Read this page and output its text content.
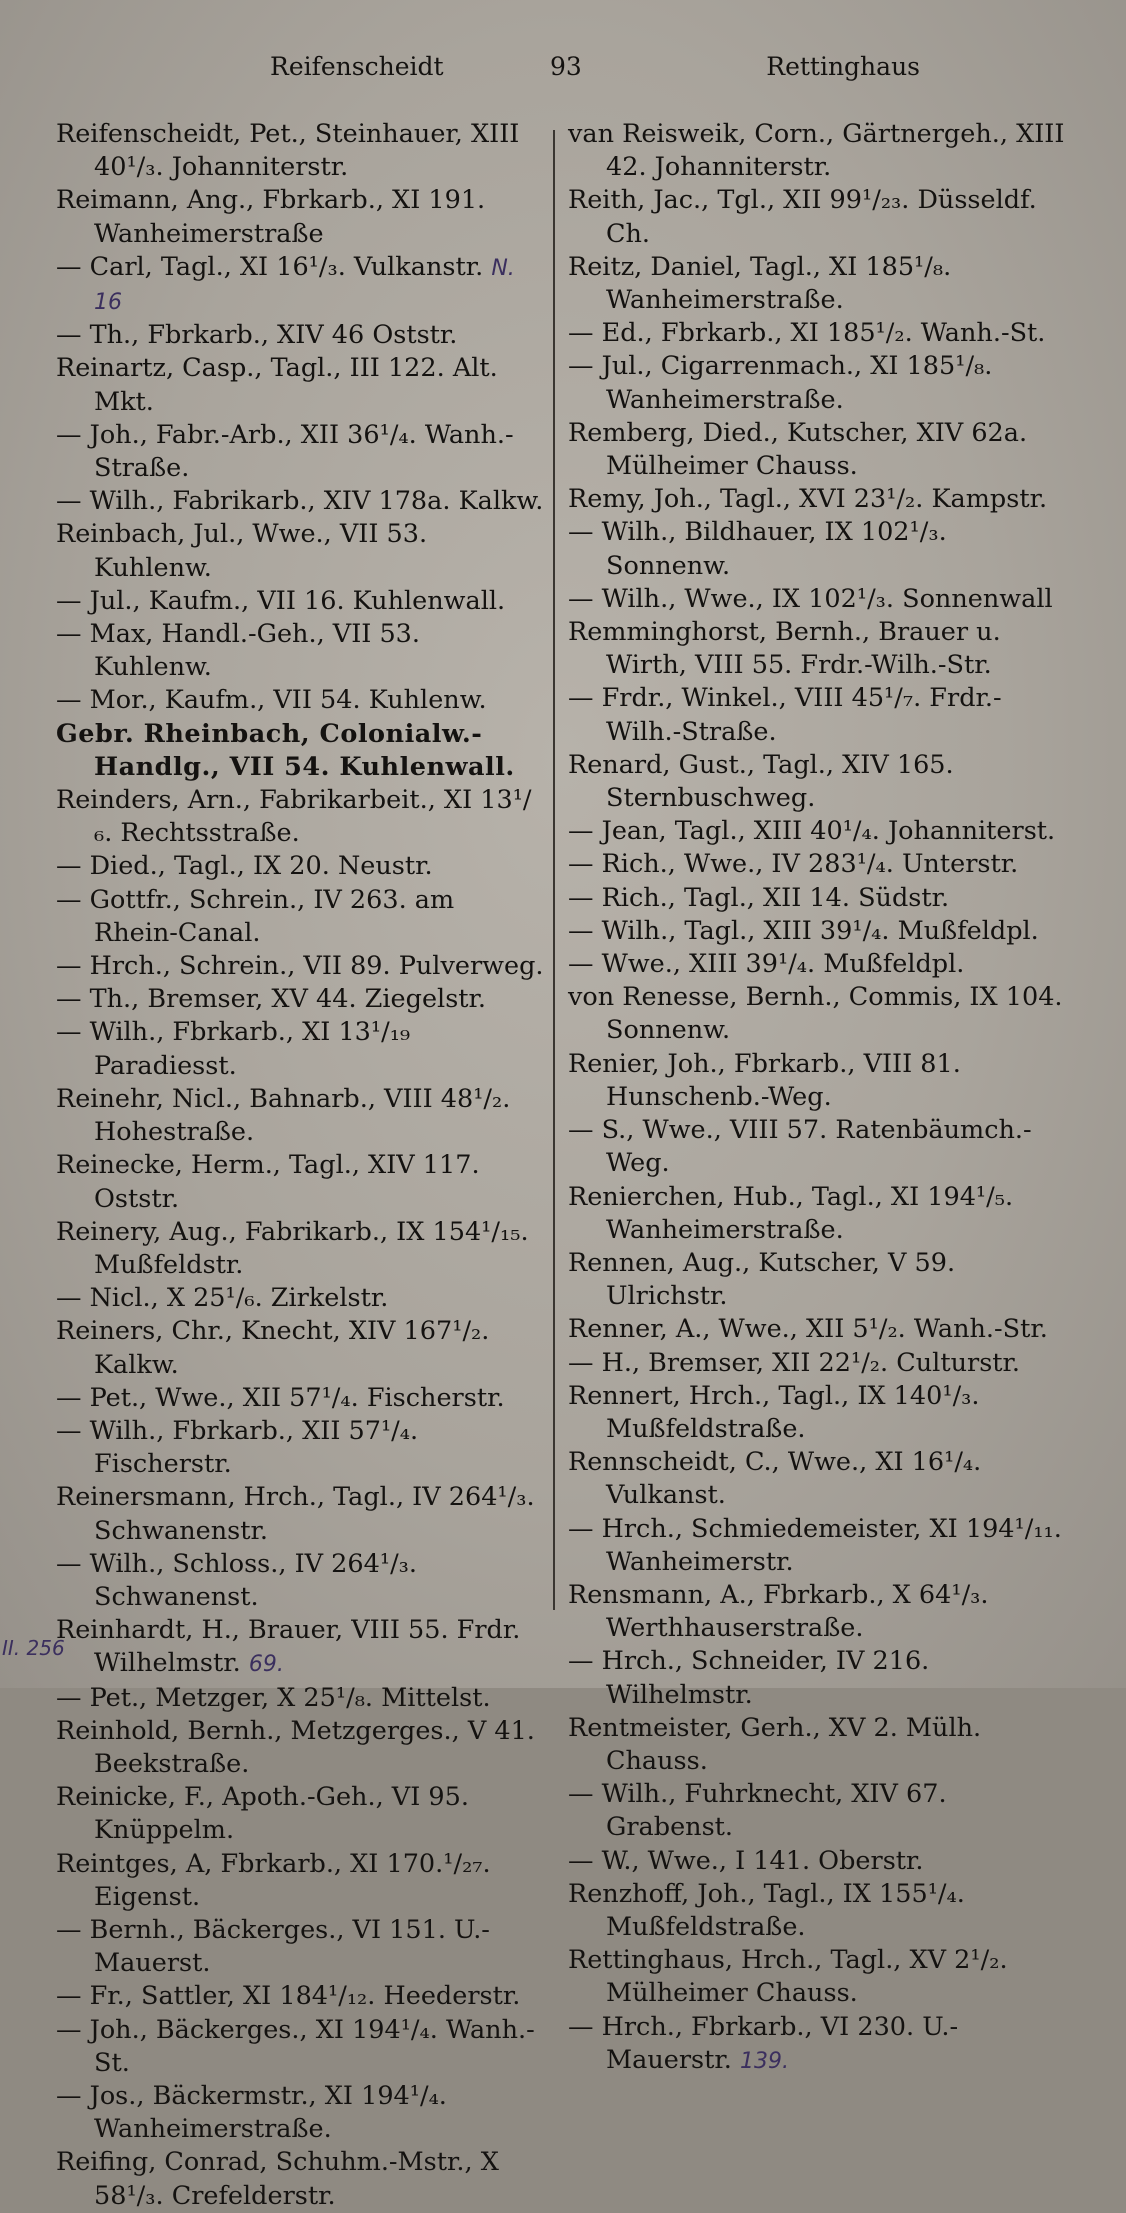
Reifenscheidt	93	Rettinghaus

Reifenscheidt, Pet., Steinhauer, XIII 40¹/₃. Johanniterstr.

Reimann, Ang., Fbrkarb., XI 191. Wanheimerstraße

— Carl, Tagl., XI 16¹/₃. Vulkanstr. N. 16

— Th., Fbrkarb., XIV 46 Oststr.

Reinartz, Casp., Tagl., III 122. Alt. Mkt.

— Joh., Fabr.-Arb., XII 36¹/₄. Wanh.-Straße.

— Wilh., Fabrikarb., XIV 178a. Kalkw.

Reinbach, Jul., Wwe., VII 53. Kuhlenw.

— Jul., Kaufm., VII 16. Kuhlenwall.

— Max, Handl.-Geh., VII 53. Kuhlenw.

— Mor., Kaufm., VII 54. Kuhlenw.

Gebr. Rheinbach, Colonialw.-Handlg., VII 54. Kuhlenwall.

Reinders, Arn., Fabrikarbeit., XI 13¹/₆. Rechtsstraße.

— Died., Tagl., IX 20. Neustr.

— Gottfr., Schrein., IV 263. am Rhein-Canal.

— Hrch., Schrein., VII 89. Pulverweg.

— Th., Bremser, XV 44. Ziegelstr.

— Wilh., Fbrkarb., XI 13¹/₁₉ Paradiesst.

Reinehr, Nicl., Bahnarb., VIII 48¹/₂. Hohestraße.

Reinecke, Herm., Tagl., XIV 117. Oststr.

Reinery, Aug., Fabrikarb., IX 154¹/₁₅. Mußfeldstr.

— Nicl., X 25¹/₆. Zirkelstr.

Reiners, Chr., Knecht, XIV 167¹/₂. Kalkw.

— Pet., Wwe., XII 57¹/₄. Fischerstr.

— Wilh., Fbrkarb., XII 57¹/₄. Fischerstr.

Reinersmann, Hrch., Tagl., IV 264¹/₃. Schwanenstr.

— Wilh., Schloss., IV 264¹/₃. Schwanenst.

Reinhardt, H., Brauer, VIII 55. Frdr. Wilhelmstr. 69.

— Pet., Metzger, X 25¹/₈. Mittelst.

Reinhold, Bernh., Metzgerges., V 41. Beekstraße.

Reinicke, F., Apoth.-Geh., VI 95. Knüppelm.

Reintges, A, Fbrkarb., XI 170.¹/₂₇. Eigenst.

— Bernh., Bäckerges., VI 151. U.-Mauerst.

— Fr., Sattler, XI 184¹/₁₂. Heederstr.

— Joh., Bäckerges., XI 194¹/₄. Wanh.-St.

— Jos., Bäckermstr., XI 194¹/₄. Wanheimerstraße.

Reifing, Conrad, Schuhm.-Mstr., X 58¹/₃. Crefelderstr.

van Reisweik, Corn., Gärtnergeh., XIII 42. Johanniterstr.

Reith, Jac., Tgl., XII 99¹/₂₃. Düsseldf. Ch.

Reitz, Daniel, Tagl., XI 185¹/₈. Wanheimerstraße.

— Ed., Fbrkarb., XI 185¹/₂. Wanh.-St.

— Jul., Cigarrenmach., XI 185¹/₈. Wanheimerstraße.

Remberg, Died., Kutscher, XIV 62a. Mülheimer Chauss.

Remy, Joh., Tagl., XVI 23¹/₂. Kampstr.

— Wilh., Bildhauer, IX 102¹/₃. Sonnenw.

— Wilh., Wwe., IX 102¹/₃. Sonnenwall

Remminghorst, Bernh., Brauer u. Wirth, VIII 55. Frdr.-Wilh.-Str.

— Frdr., Winkel., VIII 45¹/₇. Frdr.-Wilh.-Straße.

Renard, Gust., Tagl., XIV 165. Sternbuschweg.

— Jean, Tagl., XIII 40¹/₄. Johanniterst.

— Rich., Wwe., IV 283¹/₄. Unterstr.

— Rich., Tagl., XII 14. Südstr.

— Wilh., Tagl., XIII 39¹/₄. Mußfeldpl.

— Wwe., XIII 39¹/₄. Mußfeldpl.

von Renesse, Bernh., Commis, IX 104. Sonnenw.

Renier, Joh., Fbrkarb., VIII 81. Hunschenb.-Weg.

— S., Wwe., VIII 57. Ratenbäumch.-Weg.

Renierchen, Hub., Tagl., XI 194¹/₅. Wanheimerstraße.

Rennen, Aug., Kutscher, V 59. Ulrichstr.

Renner, A., Wwe., XII 5¹/₂. Wanh.-Str.

— H., Bremser, XII 22¹/₂. Culturstr.

Rennert, Hrch., Tagl., IX 140¹/₃. Mußfeldstraße.

Rennscheidt, C., Wwe., XI 16¹/₄. Vulkanst.

— Hrch., Schmiedemeister, XI 194¹/₁₁. Wanheimerstr.

Rensmann, A., Fbrkarb., X 64¹/₃. Werthhauserstraße.

— Hrch., Schneider, IV 216. Wilhelmstr.

Rentmeister, Gerh., XV 2. Mülh. Chauss.

— Wilh., Fuhrknecht, XIV 67. Grabenst.

— W., Wwe., I 141. Oberstr.

Renzhoff, Joh., Tagl., IX 155¹/₄. Mußfeldstraße.

Rettinghaus, Hrch., Tagl., XV 2¹/₂. Mülheimer Chauss.

— Hrch., Fbrkarb., VI 230. U.-Mauerstr. 139.

II. 256
